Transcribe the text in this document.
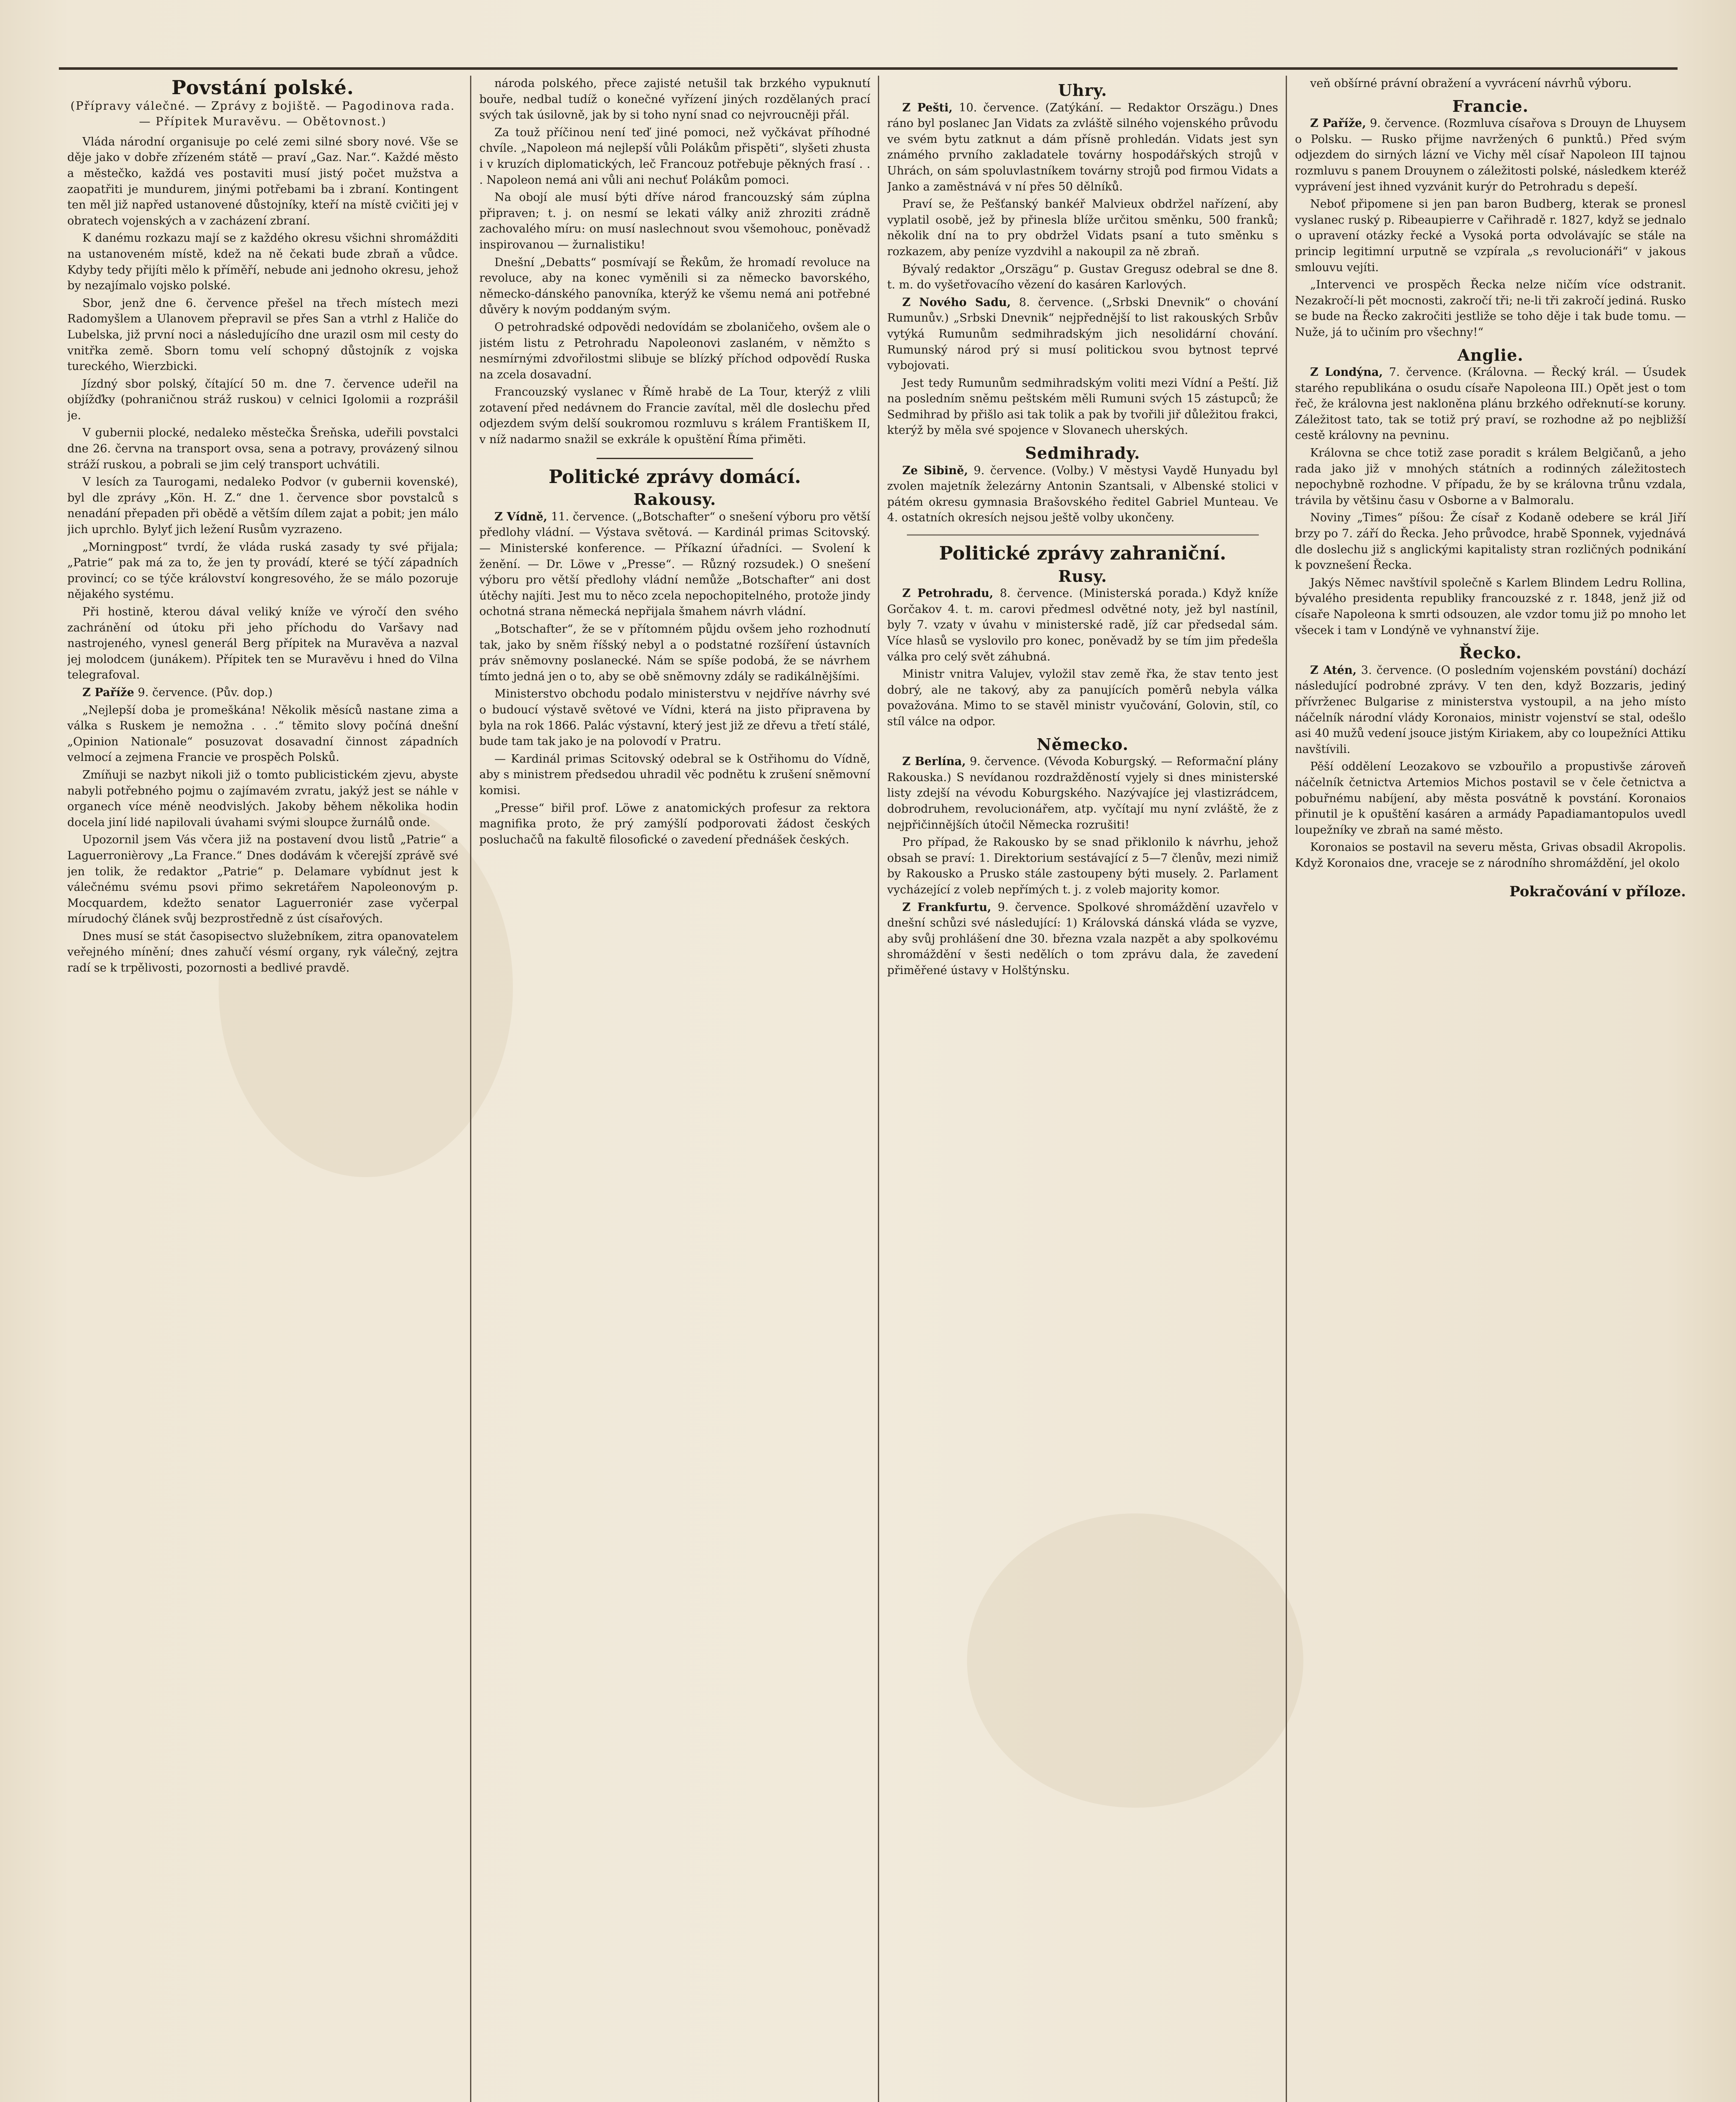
Povstání polské.
(Přípravy válečné. — Zprávy z bojiště. — Pagodinova rada. — Přípitek Muravěvu. — Obětovnost.)

Vláda národní organisuje po celé zemi silné sbory nové. Vše se děje jako v dobře zřízeném státě — praví „Gaz. Nar.“. Každé město a městečko, každá ves postaviti musí jistý počet mužstva a zaopatřiti je mundurem, jinými potřebami ba i zbraní. Kontingent ten měl již napřed ustanovené důstojníky, kteří na místě cvičiti jej v obratech vojenských a v zacházení zbraní.

K danému rozkazu mají se z každého okresu všichni shromážditi na ustanoveném místě, kdež na ně čekati bude zbraň a vůdce. Kdyby tedy přijíti mělo k příměří, nebude ani jednoho okresu, jehož by nezajímalo vojsko polské.

Sbor, jenž dne 6. července přešel na třech místech mezi Radomyšlem a Ulanovem přepravil se přes San a vtrhl z Haliče do Lubelska, již první noci a následujícího dne urazil osm mil cesty do vnitřka země. Sborn tomu velí schopný důstojník z vojska tureckého, Wierzbicki.

Jízdný sbor polský, čítající 50 m. dne 7. července udeřil na objížďky (pohraničnou stráž ruskou) v celnici Igolomii a rozprášil je.

V gubernii plocké, nedaleko městečka Šreňska, udeřili povstalci dne 26. června na transport ovsa, sena a potravy, provázený silnou stráží ruskou, a pobrali se jim celý transport uchvátili.

V lesích za Taurogami, nedaleko Podvor (v gubernii kovenské), byl dle zprávy „Kön. H. Z.“ dne 1. července sbor povstalců s nenadání přepaden při obědě a větším dílem zajat a pobit; jen málo jich uprchlo. Bylyť jich ležení Rusům vyzrazeno.

„Morningpost“ tvrdí, že vláda ruská zasady ty své přijala; „Patrie“ pak má za to, že jen ty provádí, které se týčí západních provincí; co se týče království kongresového, že se málo pozoruje nějakého systému.

Při hostině, kterou dával veliký kníže ve výročí den svého zachránění od útoku při jeho příchodu do Varšavy nad nastrojeného, vynesl generál Berg přípitek na Muravěva a nazval jej molodcem (junákem). Přípitek ten se Muravěvu i hned do Vilna telegrafoval.

Z Paříže 9. července. (Pův. dop.)

„Nejlepší doba je promeškána! Několik měsíců nastane zima a válka s Ruskem je nemožna . . .“ těmito slovy počíná dnešní „Opinion Nationale“ posuzovat dosavadní činnost západních velmocí a zejmena Francie ve prospěch Polsků.

Zmíňuji se nazbyt nikoli již o tomto publicistickém zjevu, abyste nabyli potřebného pojmu o zajímavém zvratu, jakýž jest se náhle v organech více méně neodvislých. Jakoby během několika hodin docela jiní lidé napilovali úvahami svými sloupce žurnálů onde.

Upozornil jsem Vás včera již na postavení dvou listů „Patrie“ a Laguerronièrovy „La France.“ Dnes dodávám k včerejší zprávě své jen tolik, že redaktor „Patrie“ p. Delamare vybídnut jest k válečnému svému psovi přimo sekretářem Napoleonovým p. Mocquardem, kdežto senator Laguerroniér zase vyčerpal mírudochý článek svůj bezprostředně z úst císařových.

Dnes musí se stát časopisectvo služebníkem, zitra opanovatelem veřejného mínění; dnes zahučí vésmí organy, ryk válečný, zejtra radí se k trpělivosti, pozornosti a bedlivé pravdě.

národa polského, přece zajisté netušil tak brzkého vypuknutí bouře, nedbal tudíž o konečné vyřízení jiných rozdělaných prací svých tak úsilovně, jak by si toho nyní snad co nejvroucněji přál.

Za touž příčinou není teď jiné pomoci, než vyčkávat příhodné chvíle. „Napoleon má nejlepší vůli Polákům přispěti“, slyšeti zhusta i v kruzích diplomatických, leč Francouz potřebuje pěkných frasí . . . Napoleon nemá ani vůli ani nechuť Polákům pomoci.

Na obojí ale musí býti dříve národ francouzský sám zúplna připraven; t. j. on nesmí se lekati války aniž zhroziti zrádně zachovalého míru: on musí naslechnout svou všemohouc, poněvadž inspirovanou — žurnalistiku!

Dnešní „Debatts“ posmívají se Řekům, že hromadí revoluce na revoluce, aby na konec vyměnili si za německo bavorského, německo-dánského panovníka, kterýž ke všemu nemá ani potřebné důvěry k novým poddaným svým.

O petrohradské odpovědi nedovídám se zbolaničeho, ovšem ale o jistém listu z Petrohradu Napoleonovi zaslaném, v němžto s nesmírnými zdvořilostmi slibuje se blízký příchod odpovědí Ruska na zcela dosavadní.

Francouzský vyslanec v Římě hrabě de La Tour, kterýž z vlili zotavení před nedávnem do Francie zavítal, měl dle doslechu před odjezdem svým delší soukromou rozmluvu s králem Františkem II, v níž nadarmo snažil se exkrále k opuštění Říma přiměti.

Politické zprávy domácí.
Rakousy.

Z Vídně, 11. července. („Botschafter“ o snešení výboru pro větší předlohy vládní. — Výstava světová. — Kardinál primas Scitovský. — Ministerské konference. — Příkazní úřadníci. — Svolení k ženění. — Dr. Löwe v „Presse“. — Různý rozsudek.) O snešení výboru pro větší předlohy vládní nemůže „Botschafter“ ani dost útěchy najíti. Jest mu to něco zcela nepochopitelného, protože jindy ochotná strana německá nepřijala šmahem návrh vládní.

„Botschafter“, že se v přítomném půjdu ovšem jeho rozhodnutí tak, jako by sněm říšský nebyl a o podstatné rozšíření ústavních práv sněmovny poslanecké. Nám se spíše podobá, že se návrhem tímto jedná jen o to, aby se obě sněmovny zdály se radikálnějšími.

Ministerstvo obchodu podalo ministerstvu v nejdříve návrhy své o budoucí výstavě světové ve Vídni, která na jisto připravena by byla na rok 1866. Palác výstavní, který jest již ze dřevu a třetí stálé, bude tam tak jako je na polovodí v Pratru.

— Kardinál primas Scitovský odebral se k Ostřihomu do Vídně, aby s ministrem předsedou uhradil věc podnětu k zrušení sněmovní komisi.

„Presse“ biřil prof. Löwe z anatomických profesur za rektora magnifika proto, že prý zamýšlí podporovati žádost českých posluchačů na fakultě filosofické o zavedení přednášek českých.

Uhry.

Z Pešti, 10. července. (Zatýkání. — Redaktor Orszägu.) Dnes ráno byl poslanec Jan Vidats za zvláště silného vojenského průvodu ve svém bytu zatknut a dám přísně prohledán. Vidats jest syn známého prvního zakladatele továrny hospodářských strojů v Uhrách, on sám spoluvlastníkem továrny strojů pod firmou Vidats a Janko a zaměstnává v ní přes 50 dělníků.

Praví se, že Pešťanský bankéř Malvieux obdržel nařízení, aby vyplatil osobě, jež by přinesla blíže určitou směnku, 500 franků; několik dní na to pry obdržel Vidats psaní a tuto směnku s rozkazem, aby peníze vyzdvihl a nakoupil za ně zbraň.

Bývalý redaktor „Orszägu“ p. Gustav Gregusz odebral se dne 8. t. m. do vyšetřovacího vězení do kasáren Karlových.

Z Nového Sadu, 8. července. („Srbski Dnevnik“ o chování Rumunův.) „Srbski Dnevnik“ nejpřednější to list rakouských Srbův vytýká Rumunům sedmihradským jich nesolidární chování. Rumunský národ prý si musí politickou svou bytnost teprvé vybojovati.

Jest tedy Rumunům sedmihradským voliti mezi Vídní a Peští. Již na posledním sněmu peštském měli Rumuni svých 15 zástupců; že Sedmihrad by přišlo asi tak tolik a pak by tvořili jiř důležitou frakci, kterýž by měla své spojence v Slovanech uherských.

Sedmihrady.

Ze Sibině, 9. července. (Volby.) V městysi Vaydě Hunyadu byl zvolen majetník železárny Antonin Szantsali, v Albenské stolici v pátém okresu gymnasia Brašovského ředitel Gabriel Munteau. Ve 4. ostatních okresích nejsou ještě volby ukončeny.

Politické zprávy zahraniční.
Rusy.

Z Petrohradu, 8. července. (Ministerská porada.) Když kníže Gorčakov 4. t. m. carovi předmesl odvětné noty, jež byl nastínil, byly 7. vzaty v úvahu v ministerské radě, jíž car předsedal sám. Více hlasů se vyslovilo pro konec, poněvadž by se tím jim předešla válka pro celý svět záhubná.

Ministr vnitra Valujev, vyložil stav země řka, že stav tento jest dobrý, ale ne takový, aby za panujících poměrů nebyla válka považována. Mimo to se stavěl ministr vyučování, Golovin, stíl, co stíl válce na odpor.

Německo.

Z Berlína, 9. července. (Vévoda Koburgský. — Reformační plány Rakouska.) S nevídanou rozdražděností vyjely si dnes ministerské listy zdejší na vévodu Koburgského. Nazývajíce jej vlastizrádcem, dobrodruhem, revolucionářem, atp. vyčítají mu nyní zvláště, že z nejpřičinnějších útočil Německa rozrušiti!

Pro případ, že Rakousko by se snad přiklonilo k návrhu, jehož obsah se praví: 1. Direktorium sestávající z 5—7 členův, mezi nimiž by Rakousko a Prusko stále zastoupeny býti musely. 2. Parlament vycházející z voleb nepřímých t. j. z voleb majority komor.

Z Frankfurtu, 9. července. Spolkové shromáždění uzavřelo v dnešní schůzi své následující: 1) Královská dánská vláda se vyzve, aby svůj prohlášení dne 30. března vzala nazpět a aby spolkovému shromáždění v šesti nedělích o tom zprávu dala, že zavedení přiměřené ústavy v Holštýnsku.

veň obšírné právní obražení a vyvrácení návrhů výboru.

Francie.

Z Paříže, 9. července. (Rozmluva císařova s Drouyn de Lhuysem o Polsku. — Rusko přijme navržených 6 punktů.) Před svým odjezdem do sirných lázní ve Vichy měl císař Napoleon III tajnou rozmluvu s panem Drouynem o záležitosti polské, následkem kteréž vyprávení jest ihned vyzvánit kurýr do Petrohradu s depeší.

Neboť připomene si jen pan baron Budberg, kterak se pronesl vyslanec ruský p. Ribeaupierre v Cařihradě r. 1827, když se jednalo o upravení otázky řecké a Vysoká porta odvolávajíc se stále na princip legitimní urputně se vzpírala „s revolucionáři“ v jakous smlouvu vejíti.

„Intervenci ve prospěch Řecka nelze ničím více odstranit. Nezakročí-li pět mocnosti, zakročí tři; ne-li tři zakročí jediná. Rusko se bude na Řecko zakročiti jestliže se toho děje i tak bude tomu. — Nuže, já to učiním pro všechny!“

Anglie.

Z Londýna, 7. července. (Královna. — Řecký král. — Úsudek starého republikána o osudu císaře Napoleona III.) Opět jest o tom řeč, že královna jest nakloněna plánu brzkého odřeknutí-se koruny. Záležitost tato, tak se totiž prý praví, se rozhodne až po nejbližší cestě královny na pevninu.

Královna se chce totiž zase poradit s králem Belgičanů, a jeho rada jako již v mnohých státních a rodinných záležitostech nepochybně rozhodne. V případu, že by se královna trůnu vzdala, trávila by většinu času v Osborne a v Balmoralu.

Noviny „Times“ píšou: Že císař z Kodaně odebere se král Jiří brzy po 7. září do Řecka. Jeho průvodce, hrabě Sponnek, vyjednává dle doslechu již s anglickými kapitalisty stran rozličných podnikání k povznešení Řecka.

Jakýs Němec navštívil společně s Karlem Blindem Ledru Rollina, bývalého presidenta republiky francouzské z r. 1848, jenž již od císaře Napoleona k smrti odsouzen, ale vzdor tomu již po mnoho let všecek i tam v Londýně ve vyhnanství žije.

Řecko.

Z Atén, 3. července. (O posledním vojenském povstání) dochází následující podrobné zprávy. V ten den, když Bozzaris, jediný přívrženec Bulgarise z ministerstva vystoupil, a na jeho místo náčelník národní vlády Koronaios, ministr vojenství se stal, odešlo asi 40 mužů vedení jsouce jistým Kiriakem, aby co loupežníci Attiku navštívili.

Pěší oddělení Leozakovo se vzbouřilo a propustivše zároveň náčelník četnictva Artemios Michos postavil se v čele četnictva a pobuřnému nabíjení, aby města posvátně k povstání. Koronaios přinutil je k opuštění kasáren a armády Papadiamantopulos uvedl loupežníky ve zbraň na samé město.

Koronaios se postavil na severu města, Grivas obsadil Akropolis. Když Koronaios dne, vraceje se z národního shromáždění, jel okolo

Pokračování v příloze.
